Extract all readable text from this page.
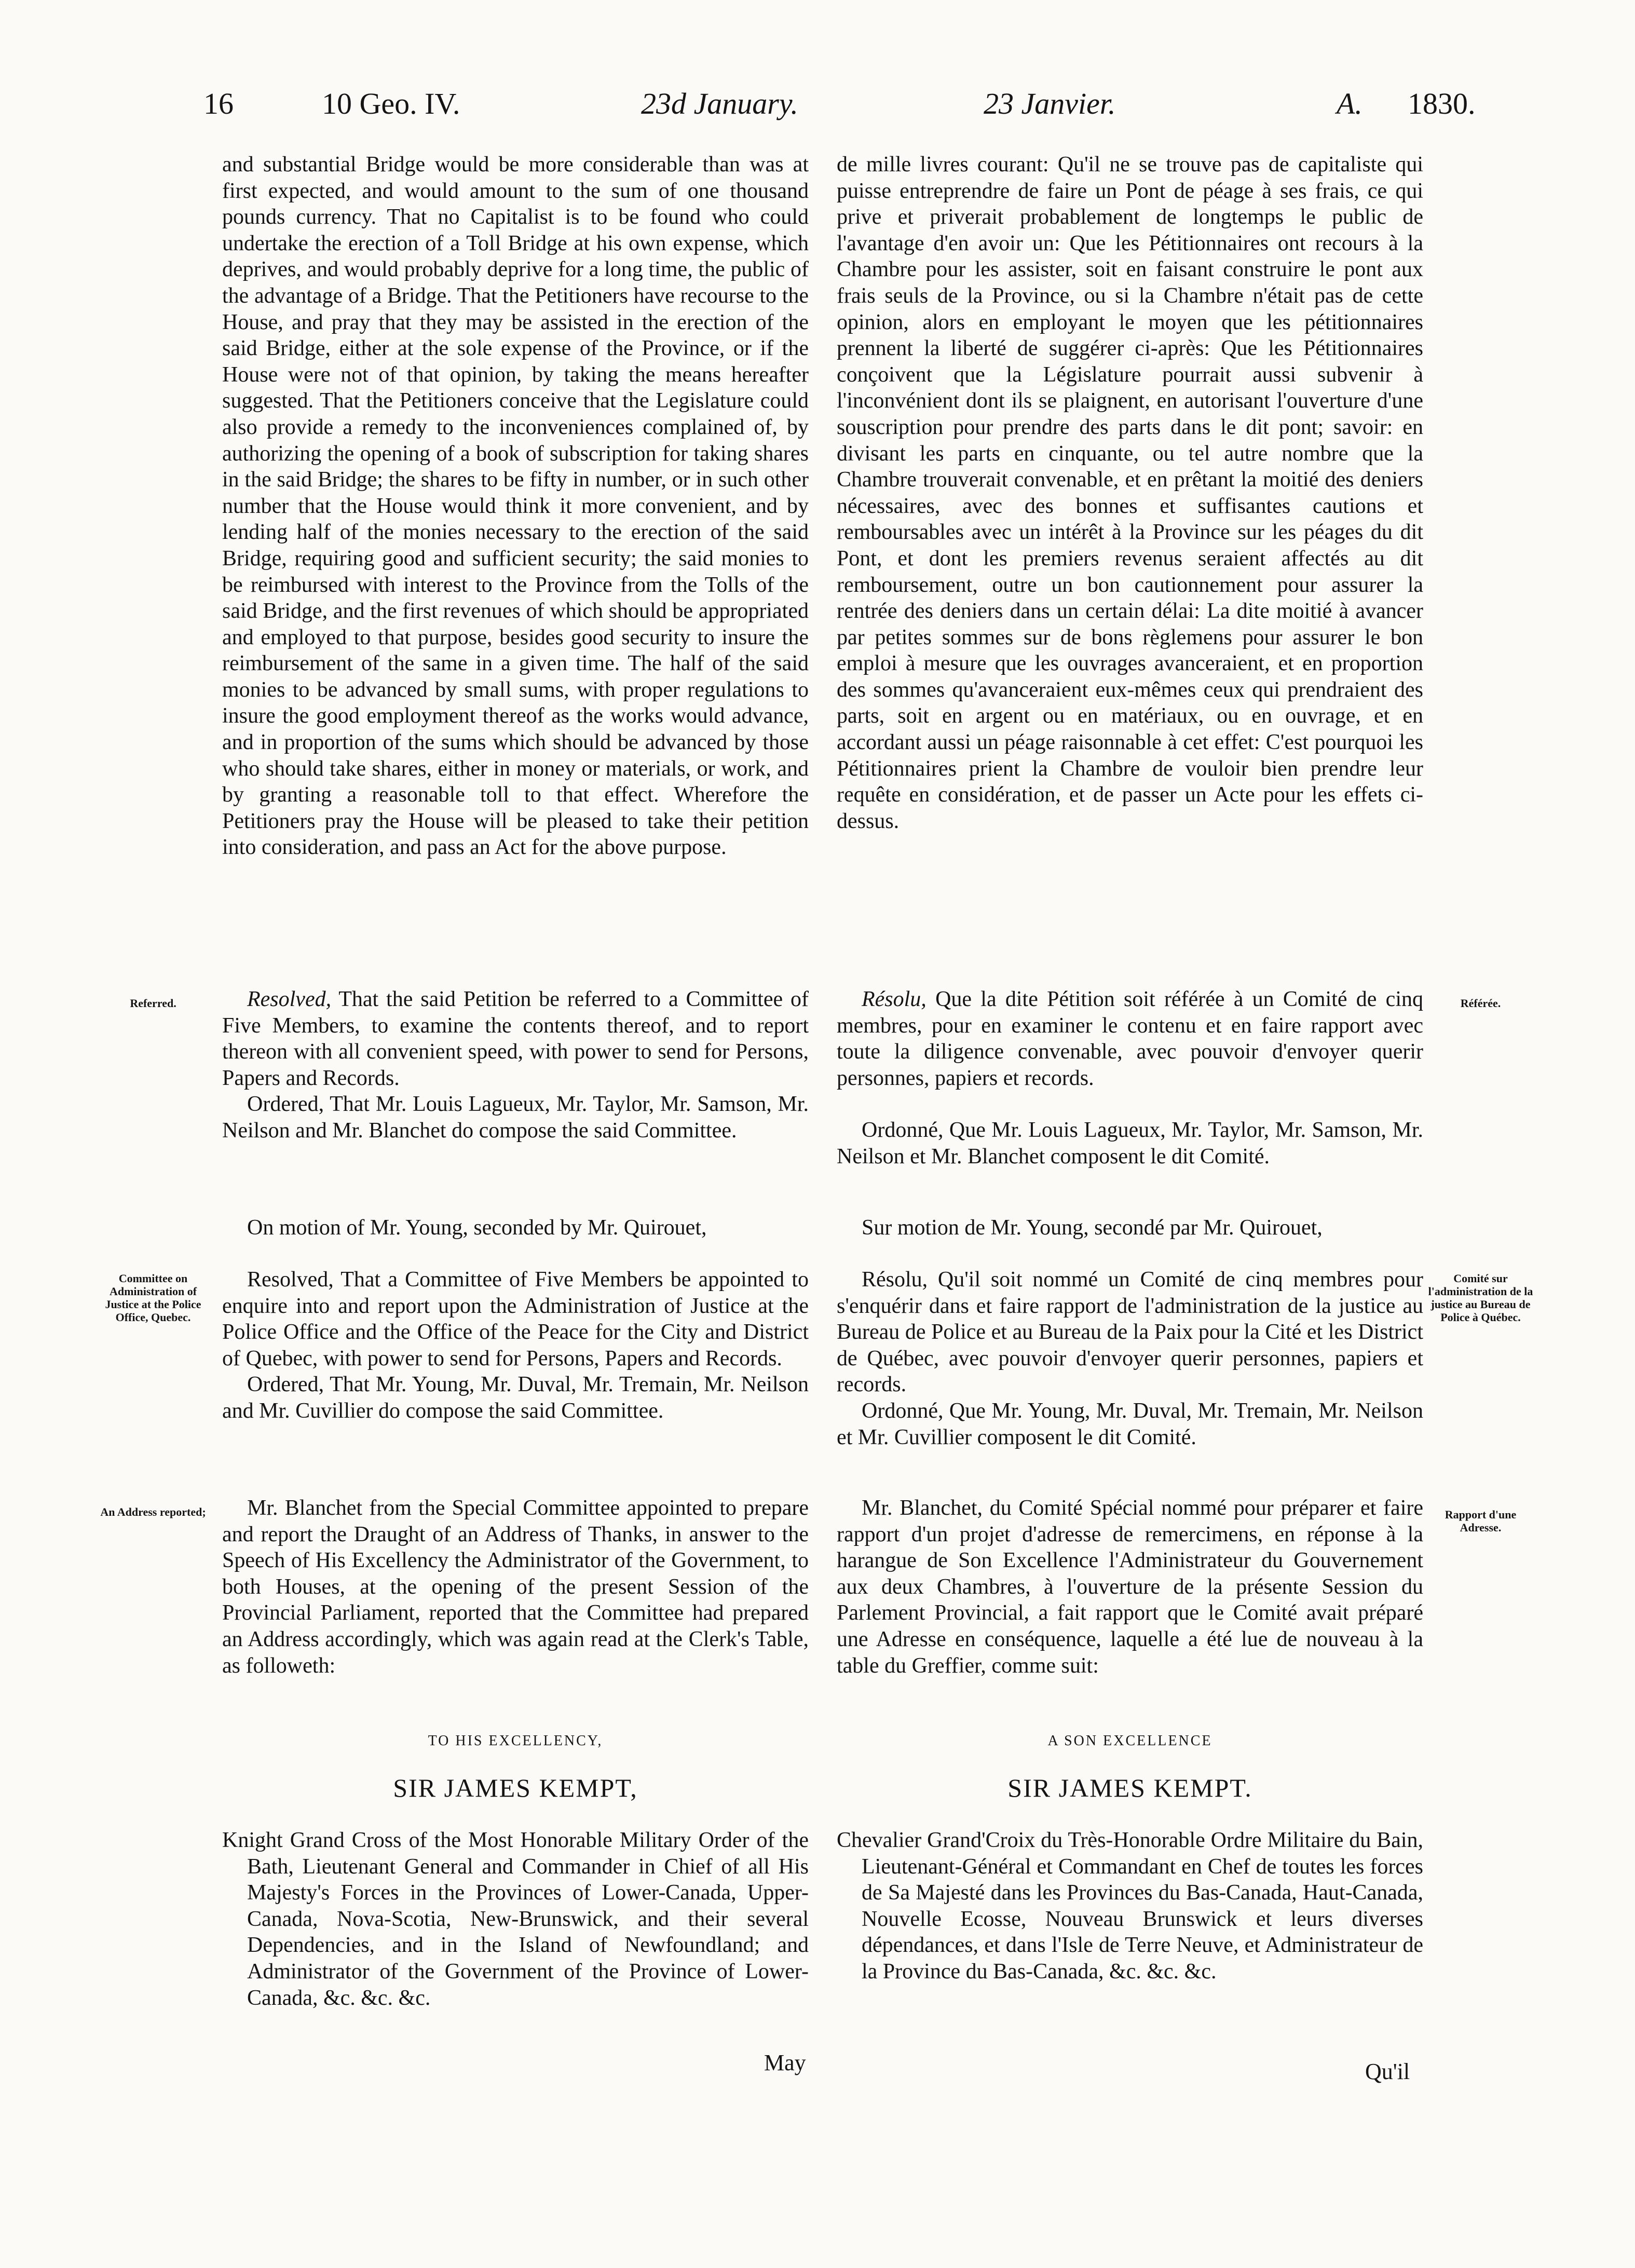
16	10 Geo. IV.	23d January.	23 Janvier.	A. 1830.

and substantial Bridge would be more considerable than was at first expected, and would amount to the sum of one thousand pounds currency. That no Capitalist is to be found who could undertake the erection of a Toll Bridge at his own expense, which deprives, and would probably deprive for a long time, the public of the advantage of a Bridge. That the Petitioners have recourse to the House, and pray that they may be assisted in the erection of the said Bridge, either at the sole expense of the Province, or if the House were not of that opinion, by taking the means hereafter suggested. That the Petitioners conceive that the Legislature could also provide a remedy to the inconveniences complained of, by authorizing the opening of a book of subscription for taking shares in the said Bridge; the shares to be fifty in number, or in such other number that the House would think it more convenient, and by lending half of the monies necessary to the erection of the said Bridge, requiring good and sufficient security; the said monies to be reimbursed with interest to the Province from the Tolls of the said Bridge, and the first revenues of which should be appropriated and employed to that purpose, besides good security to insure the reimbursement of the same in a given time. The half of the said monies to be advanced by small sums, with proper regulations to insure the good employment thereof as the works would advance, and in proportion of the sums which should be advanced by those who should take shares, either in money or materials, or work, and by granting a reasonable toll to that effect. Wherefore the Petitioners pray the House will be pleased to take their petition into consideration, and pass an Act for the above purpose.

de mille livres courant: Qu'il ne se trouve pas de capitaliste qui puisse entreprendre de faire un Pont de péage à ses frais, ce qui prive et priverait probablement de longtemps le public de l'avantage d'en avoir un: Que les Pétitionnaires ont recours à la Chambre pour les assister, soit en faisant construire le pont aux frais seuls de la Province, ou si la Chambre n'était pas de cette opinion, alors en employant le moyen que les pétitionnaires prennent la liberté de suggérer ci-après: Que les Pétitionnaires conçoivent que la Législature pourrait aussi subvenir à l'inconvénient dont ils se plaignent, en autorisant l'ouverture d'une souscription pour prendre des parts dans le dit pont; savoir: en divisant les parts en cinquante, ou tel autre nombre que la Chambre trouverait convenable, et en prêtant la moitié des deniers nécessaires, avec des bonnes et suffisantes cautions et remboursables avec un intérêt à la Province sur les péages du dit Pont, et dont les premiers revenus seraient affectés au dit remboursement, outre un bon cautionnement pour assurer la rentrée des deniers dans un certain délai: La dite moitié à avancer par petites sommes sur de bons règlemens pour assurer le bon emploi à mesure que les ouvrages avanceraient, et en proportion des sommes qu'avanceraient eux-mêmes ceux qui prendraient des parts, soit en argent ou en matériaux, ou en ouvrage, et en accordant aussi un péage raisonnable à cet effet: C'est pourquoi les Pétitionnaires prient la Chambre de vouloir bien prendre leur requête en considération, et de passer un Acte pour les effets ci-dessus.

Referred.	Référée.

Resolved, That the said Petition be referred to a Committee of Five Members, to examine the contents thereof, and to report thereon with all convenient speed, with power to send for Persons, Papers and Records.

Ordered, That Mr. Louis Lagueux, Mr. Taylor, Mr. Samson, Mr. Neilson and Mr. Blanchet do compose the said Committee.

Résolu, Que la dite Pétition soit référée à un Comité de cinq membres, pour en examiner le contenu et en faire rapport avec toute la diligence convenable, avec pouvoir d'envoyer querir personnes, papiers et records.

Ordonné, Que Mr. Louis Lagueux, Mr. Taylor, Mr. Samson, Mr. Neilson et Mr. Blanchet composent le dit Comité.

On motion of Mr. Young, seconded by Mr. Quirouet,	Sur motion de Mr. Young, secondé par Mr. Quirouet,

Committee on Administration of Justice at the Police Office, Quebec.
Comité sur l'administration de la justice au Bureau de Police à Québec.

Resolved, That a Committee of Five Members be appointed to enquire into and report upon the Administration of Justice at the Police Office and the Office of the Peace for the City and District of Quebec, with power to send for Persons, Papers and Records.

Ordered, That Mr. Young, Mr. Duval, Mr. Tremain, Mr. Neilson and Mr. Cuvillier do compose the said Committee.

Résolu, Qu'il soit nommé un Comité de cinq membres pour s'enquérir dans et faire rapport de l'administration de la justice au Bureau de Police et au Bureau de la Paix pour la Cité et les District de Québec, avec pouvoir d'envoyer querir personnes, papiers et records.

Ordonné, Que Mr. Young, Mr. Duval, Mr. Tremain, Mr. Neilson et Mr. Cuvillier composent le dit Comité.

An Address reported;	Rapport d'une Adresse.

Mr. Blanchet from the Special Committee appointed to prepare and report the Draught of an Address of Thanks, in answer to the Speech of His Excellency the Administrator of the Government, to both Houses, at the opening of the present Session of the Provincial Parliament, reported that the Committee had prepared an Address accordingly, which was again read at the Clerk's Table, as followeth:

Mr. Blanchet, du Comité Spécial nommé pour préparer et faire rapport d'un projet d'adresse de remercimens, en réponse à la harangue de Son Excellence l'Administrateur du Gouvernement aux deux Chambres, à l'ouverture de la présente Session du Parlement Provincial, a fait rapport que le Comité avait préparé une Adresse en conséquence, laquelle a été lue de nouveau à la table du Greffier, comme suit:

TO HIS EXCELLENCY,	A SON EXCELLENCE
SIR JAMES KEMPT,	SIR JAMES KEMPT.

Knight Grand Cross of the Most Honorable Military Order of the Bath, Lieutenant General and Commander in Chief of all His Majesty's Forces in the Provinces of Lower-Canada, Upper-Canada, Nova-Scotia, New-Brunswick, and their several Dependencies, and in the Island of Newfoundland; and Administrator of the Government of the Province of Lower-Canada, &c. &c. &c.

Chevalier Grand'Croix du Très-Honorable Ordre Militaire du Bain, Lieutenant-Général et Commandant en Chef de toutes les forces de Sa Majesté dans les Provinces du Bas-Canada, Haut-Canada, Nouvelle Ecosse, Nouveau Brunswick et leurs diverses dépendances, et dans l'Isle de Terre Neuve, et Administrateur de la Province du Bas-Canada, &c. &c. &c.

May	Qu'il
